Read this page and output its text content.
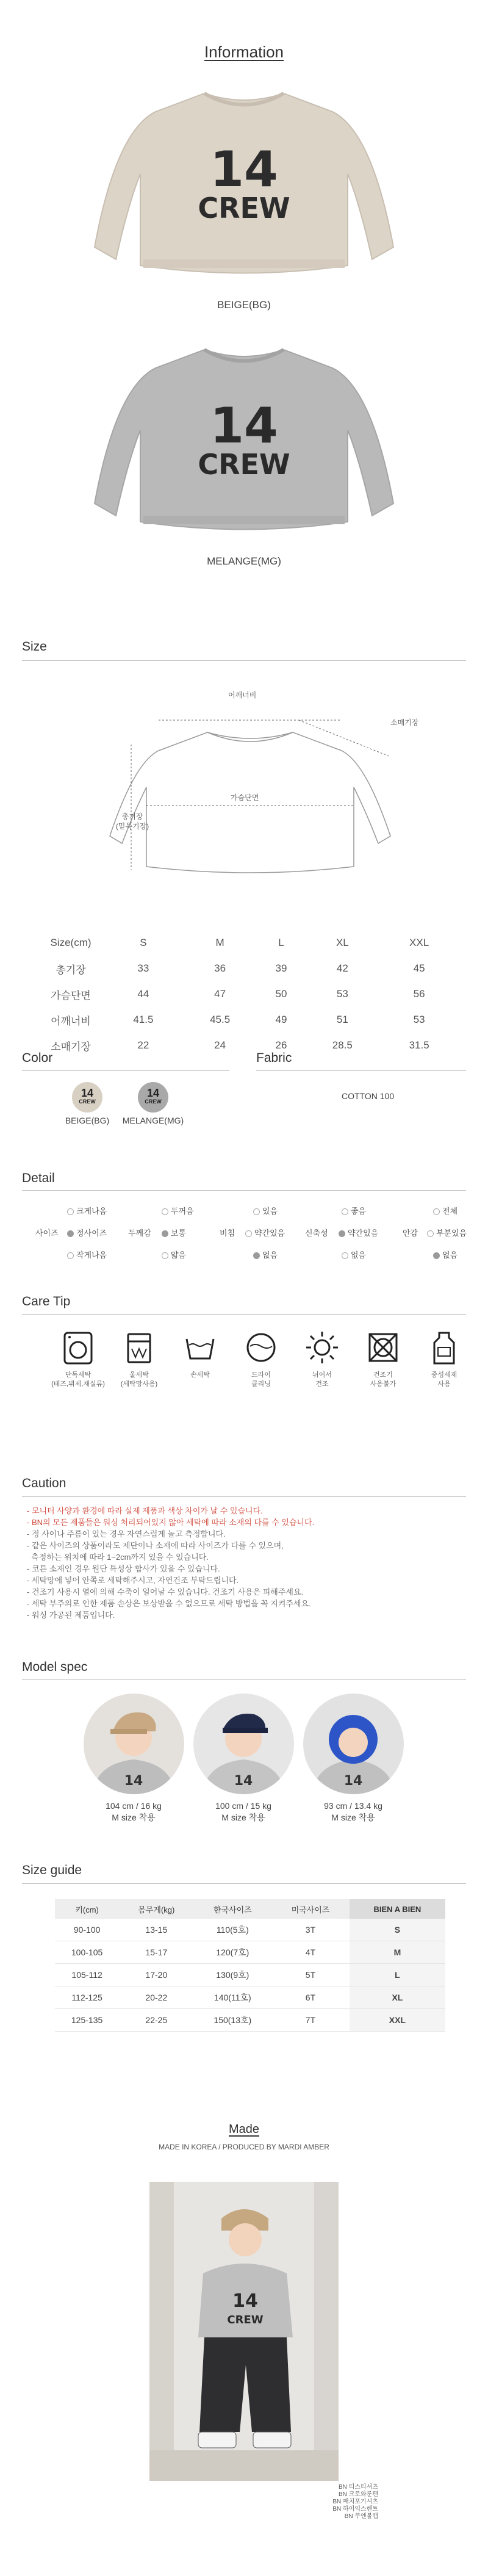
Information
14
CREW
BEIGE(BG)
14
CREW
MELANGE(MG)
Size
어깨너비
소매기장
가슴단면
총기장
(밑목기장)
Size(cm)	S	M	L	XL	XXL
총기장	33	36	39	42	45
가슴단면	44	47	50	53	56
어깨너비	41.5	45.5	49	51	53
소매기장	22	24	26	28.5	31.5
Color	Fabric
14
CREW
14
CREW
BEIGE(BG)	MELANGE(MG)
COTTON 100
Detail
크게나옴	두꺼움	있음	좋음	전체
사이즈	정사이즈	두께감	보통	비침	약간있음	신축성	약간있음	안감	부분있음
작게나옴	얇음	없음	없음	없음
Care Tip
단독세탁
(테즈,뷔제,재실류)
울세탁
(세탁망사용)
손세탁	드라이
클리닝
뉘어서
건조
건조기
사용불가
중성세제
사용
Caution
- 모니터 사양과 환경에 따라 실제 제품과 색상 차이가 날 수 있습니다.
- BN의 모든 제품들은 워싱 처리되어있지 않아 세탁에 따라 소재의 다를 수 있습니다.
- 정 사이나 주름이 있는 경우 자연스럽게 놀고 측정합니다.
- 같은 사이즈의 상품이라도 제단이나 소재에 따라 사이즈가 다를 수 있으며,
측정하는 위치에 따라 1~2cm까지 있을 수 있습니다.
- 코튼 소재인 경우 원단 특성상 합사가 있을 수 있습니다.
- 세탁망에 넣어 안쪽로 세탁해주시고, 자연건조 부탁드립니다.
- 건조기 사용시 열에 의해 수축이 일어날 수 있습니다. 건조기 사용은 피해주세요.
- 세탁 부주의로 인한 제품 손상은 보상받을 수 없으므로 세탁 방법을 꼭 지켜주세요.
- 워싱 가공된 제품입니다.
Model spec
14	14	14
104 cm / 16 kg
M size 착용
100 cm / 15 kg
M size 착용
93 cm / 13.4 kg
M size 착용
Size guide
키(cm)	몸무게(kg)	한국사이즈	미국사이즈	BIEN A BIEN
90-100	13-15	110(5호)	3T	S
100-105	15-17	120(7호)	4T	M
105-112	17-20	130(9호)	5T	L
112-125	20-22	140(11호)	6T	XL
125-135	22-25	150(13호)	7T	XXL
Made
MADE IN KOREA / PRODUCED BY MARDI AMBER
14
CREW
BN 티스티셔츠
BN 크로와룬팬
BN 패치포기셔츠
BN 하이익스렌트
BN 쿠엔볼캡
